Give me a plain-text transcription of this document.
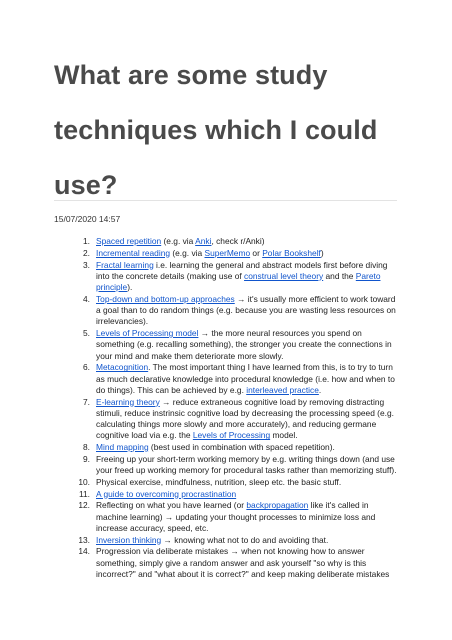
What are some study techniques which I could use?
15/07/2020 14:57
1. Spaced repetition (e.g. via Anki, check r/Anki)
2. Incremental reading (e.g. via SuperMemo or Polar Bookshelf)
3. Fractal learning i.e. learning the general and abstract models first before diving into the concrete details (making use of construal level theory and the Pareto principle).
4. Top-down and bottom-up approaches → it's usually more efficient to work toward a goal than to do random things (e.g. because you are wasting less resources on irrelevancies).
5. Levels of Processing model → the more neural resources you spend on something (e.g. recalling something), the stronger you create the connections in your mind and make them deteriorate more slowly.
6. Metacognition. The most important thing I have learned from this, is to try to turn as much declarative knowledge into procedural knowledge (i.e. how and when to do things). This can be achieved by e.g. interleaved practice.
7. E-learning theory → reduce extraneous cognitive load by removing distracting stimuli, reduce instrinsic cognitive load by decreasing the processing speed (e.g. calculating things more slowly and more accurately), and reducing germane cognitive load via e.g. the Levels of Processing model.
8. Mind mapping (best used in combination with spaced repetition).
9. Freeing up your short-term working memory by e.g. writing things down (and use your freed up working memory for procedural tasks rather than memorizing stuff).
10. Physical exercise, mindfulness, nutrition, sleep etc. the basic stuff.
11. A guide to overcoming procrastination
12. Reflecting on what you have learned (or backpropagation like it's called in machine learning) → updating your thought processes to minimize loss and increase accuracy, speed, etc.
13. Inversion thinking → knowing what not to do and avoiding that.
14. Progression via deliberate mistakes → when not knowing how to answer something, simply give a random answer and ask yourself "so why is this incorrect?" and "what about it is correct?" and keep making deliberate mistakes
